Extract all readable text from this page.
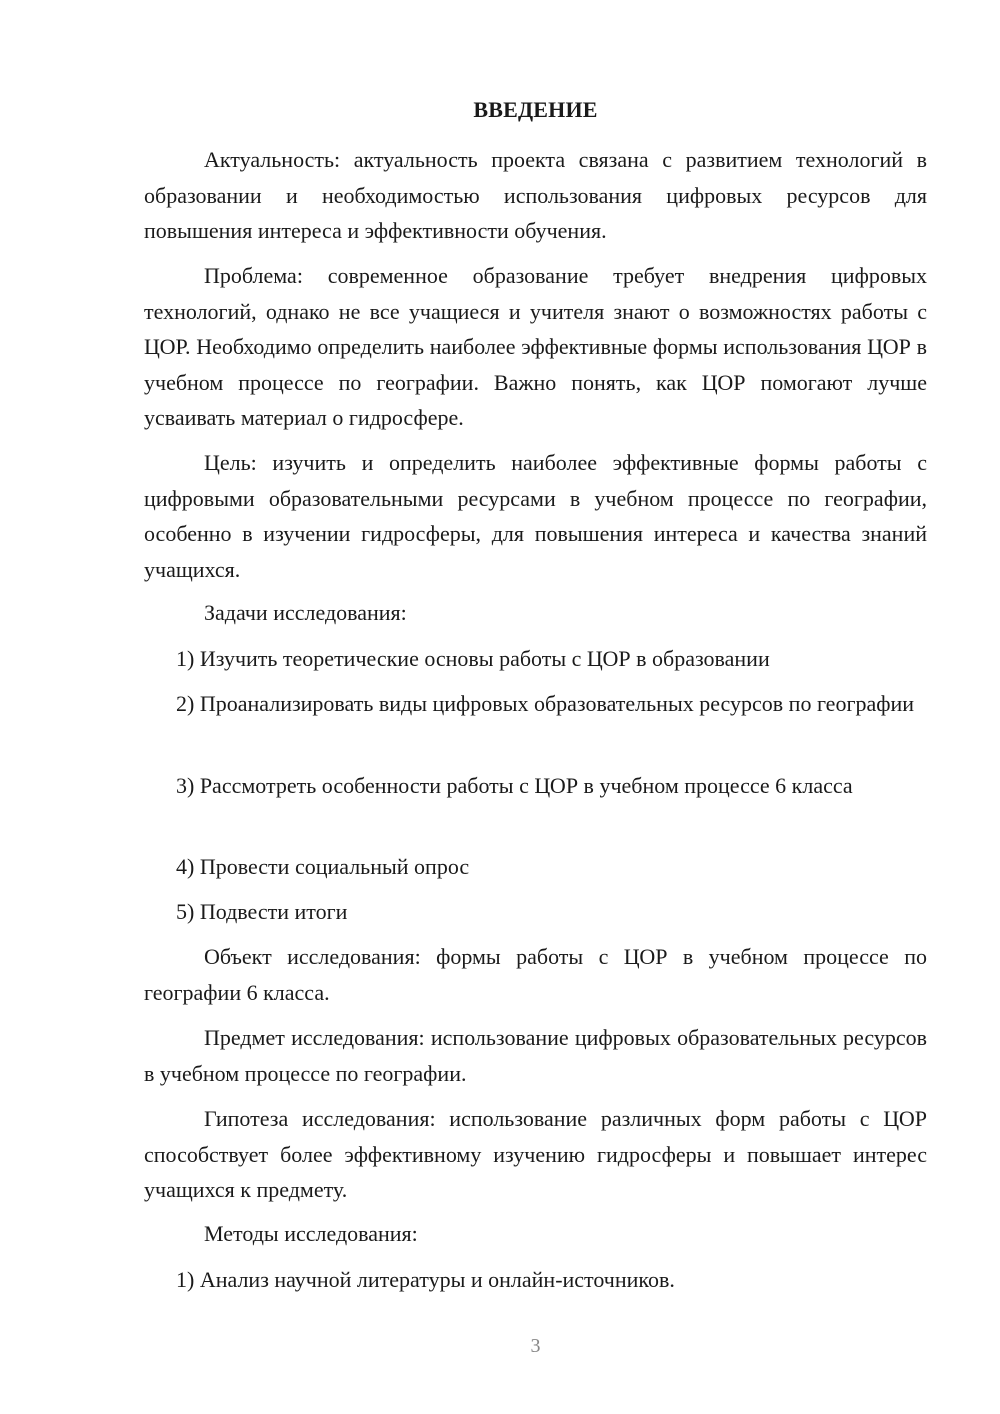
ВВЕДЕНИЕ

Актуальность: актуальность проекта связана с развитием технологий в образовании и необходимостью использования цифровых ресурсов для повышения интереса и эффективности обучения.

Проблема: современное образование требует внедрения цифровых технологий, однако не все учащиеся и учителя знают о возможностях работы с ЦОР. Необходимо определить наиболее эффективные формы использования ЦОР в учебном процессе по географии. Важно понять, как ЦОР помогают лучше усваивать материал о гидросфере.

Цель: изучить и определить наиболее эффективные формы работы с цифровыми образовательными ресурсами в учебном процессе по географии, особенно в изучении гидросферы, для повышения интереса и качества знаний учащихся.

Задачи исследования:

1) Изучить теоретические основы работы с ЦОР в образовании

2) Проанализировать виды цифровых образовательных ресурсов по географии

3) Рассмотреть особенности работы с ЦОР в учебном процессе 6 класса

4) Провести социальный опрос

5) Подвести итоги

Объект исследования: формы работы с ЦОР в учебном процессе по географии 6 класса.

Предмет исследования: использование цифровых образовательных ресурсов в учебном процессе по географии.

Гипотеза исследования: использование различных форм работы с ЦОР способствует более эффективному изучению гидросферы и повышает интерес учащихся к предмету.

Методы исследования:

1) Анализ научной литературы и онлайн-источников.

3
